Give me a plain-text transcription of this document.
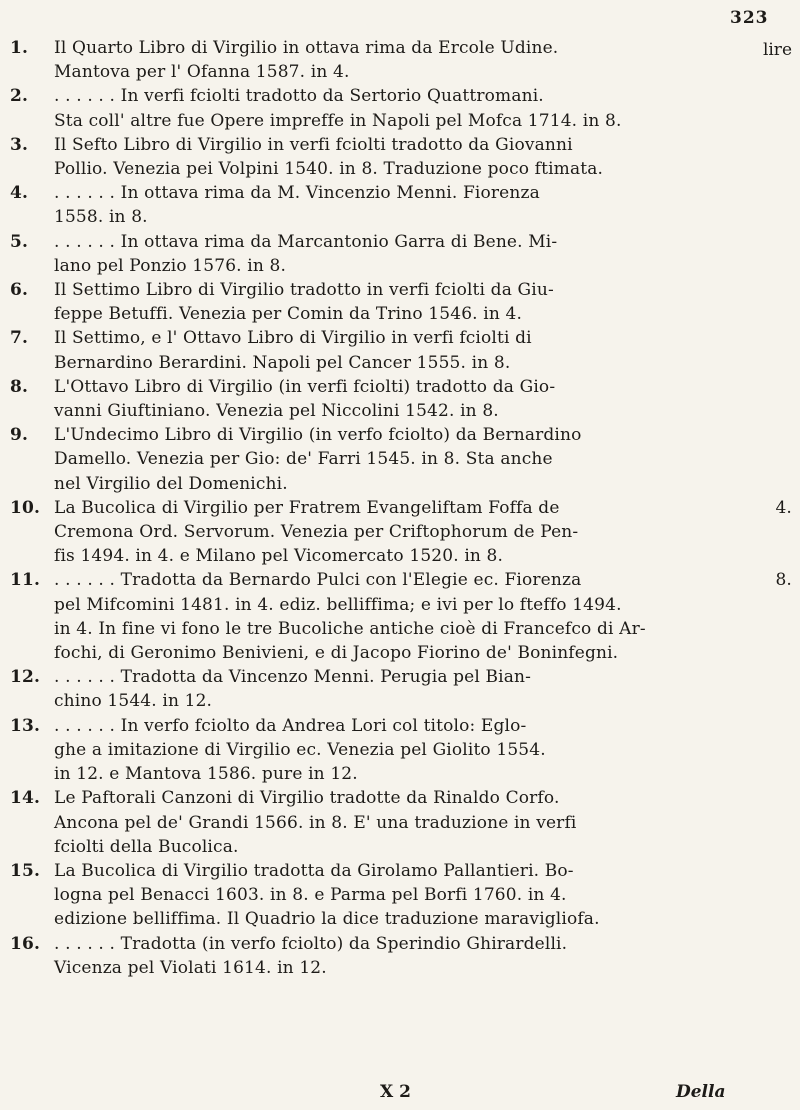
323
lire
1. Il Quarto Libro di Virgilio in ottava rima da Ercole Udine.
Mantova per l' Ofanna 1587. in 4.
2. . . . . . . In verfi fciolti tradotto da Sertorio Quattromani.
Sta coll' altre fue Opere impreffe in Napoli pel Mofca 1714. in 8.
3. Il Sefto Libro di Virgilio in verfi fciolti tradotto da Giovanni
Pollio. Venezia pei Volpini 1540. in 8. Traduzione poco ftimata.
4. . . . . . . In ottava rima da M. Vincenzio Menni. Fiorenza
1558. in 8.
5. . . . . . . In ottava rima da Marcantonio Garra di Bene. Mi-
lano pel Ponzio 1576. in 8.
6. Il Settimo Libro di Virgilio tradotto in verfi fciolti da Giu-
feppe Betuffi. Venezia per Comin da Trino 1546. in 4.
7. Il Settimo, e l' Ottavo Libro di Virgilio in verfi fciolti di
Bernardino Berardini. Napoli pel Cancer 1555. in 8.
8. L'Ottavo Libro di Virgilio (in verfi fciolti) tradotto da Gio-
vanni Giuftiniano. Venezia pel Niccolini 1542. in 8.
9. L'Undecimo Libro di Virgilio (in verfo fciolto) da Bernardino
Damello. Venezia per Gio: de' Farri 1545. in 8. Sta anche
nel Virgilio del Domenichi.
10. La Bucolica di Virgilio per Fratrem Evangeliftam Foffa de
Cremona Ord. Servorum. Venezia per Criftophorum de Pen-
fis 1494. in 4. e Milano pel Vicomercato 1520. in 8.
4.
11. . . . . . . Tradotta da Bernardo Pulci con l'Elegie ec. Fiorenza
pel Mifcomini 1481. in 4. ediz. belliffima; e ivi per lo fteffo 1494.
in 4. In fine vi fono le tre Bucoliche antiche cioè di Francefco di Ar-
fochi, di Geronimo Benivieni, e di Jacopo Fiorino de' Boninfegni.
8.
12. . . . . . . Tradotta da Vincenzo Menni. Perugia pel Bian-
chino 1544. in 12.
13. . . . . . . In verfo fciolto da Andrea Lori col titolo: Eglo-
ghe a imitazione di Virgilio ec. Venezia pel Giolito 1554.
in 12. e Mantova 1586. pure in 12.
14. Le Paftorali Canzoni di Virgilio tradotte da Rinaldo Corfo.
Ancona pel de' Grandi 1566. in 8. E' una traduzione in verfi
fciolti della Bucolica.
15. La Bucolica di Virgilio tradotta da Girolamo Pallantieri. Bo-
logna pel Benacci 1603. in 8. e Parma pel Borfi 1760. in 4.
edizione belliffima. Il Quadrio la dice traduzione maravigliofa.
16. . . . . . . Tradotta (in verfo fciolto) da Sperindio Ghirardelli.
Vicenza pel Violati 1614. in 12.
X 2	Della
